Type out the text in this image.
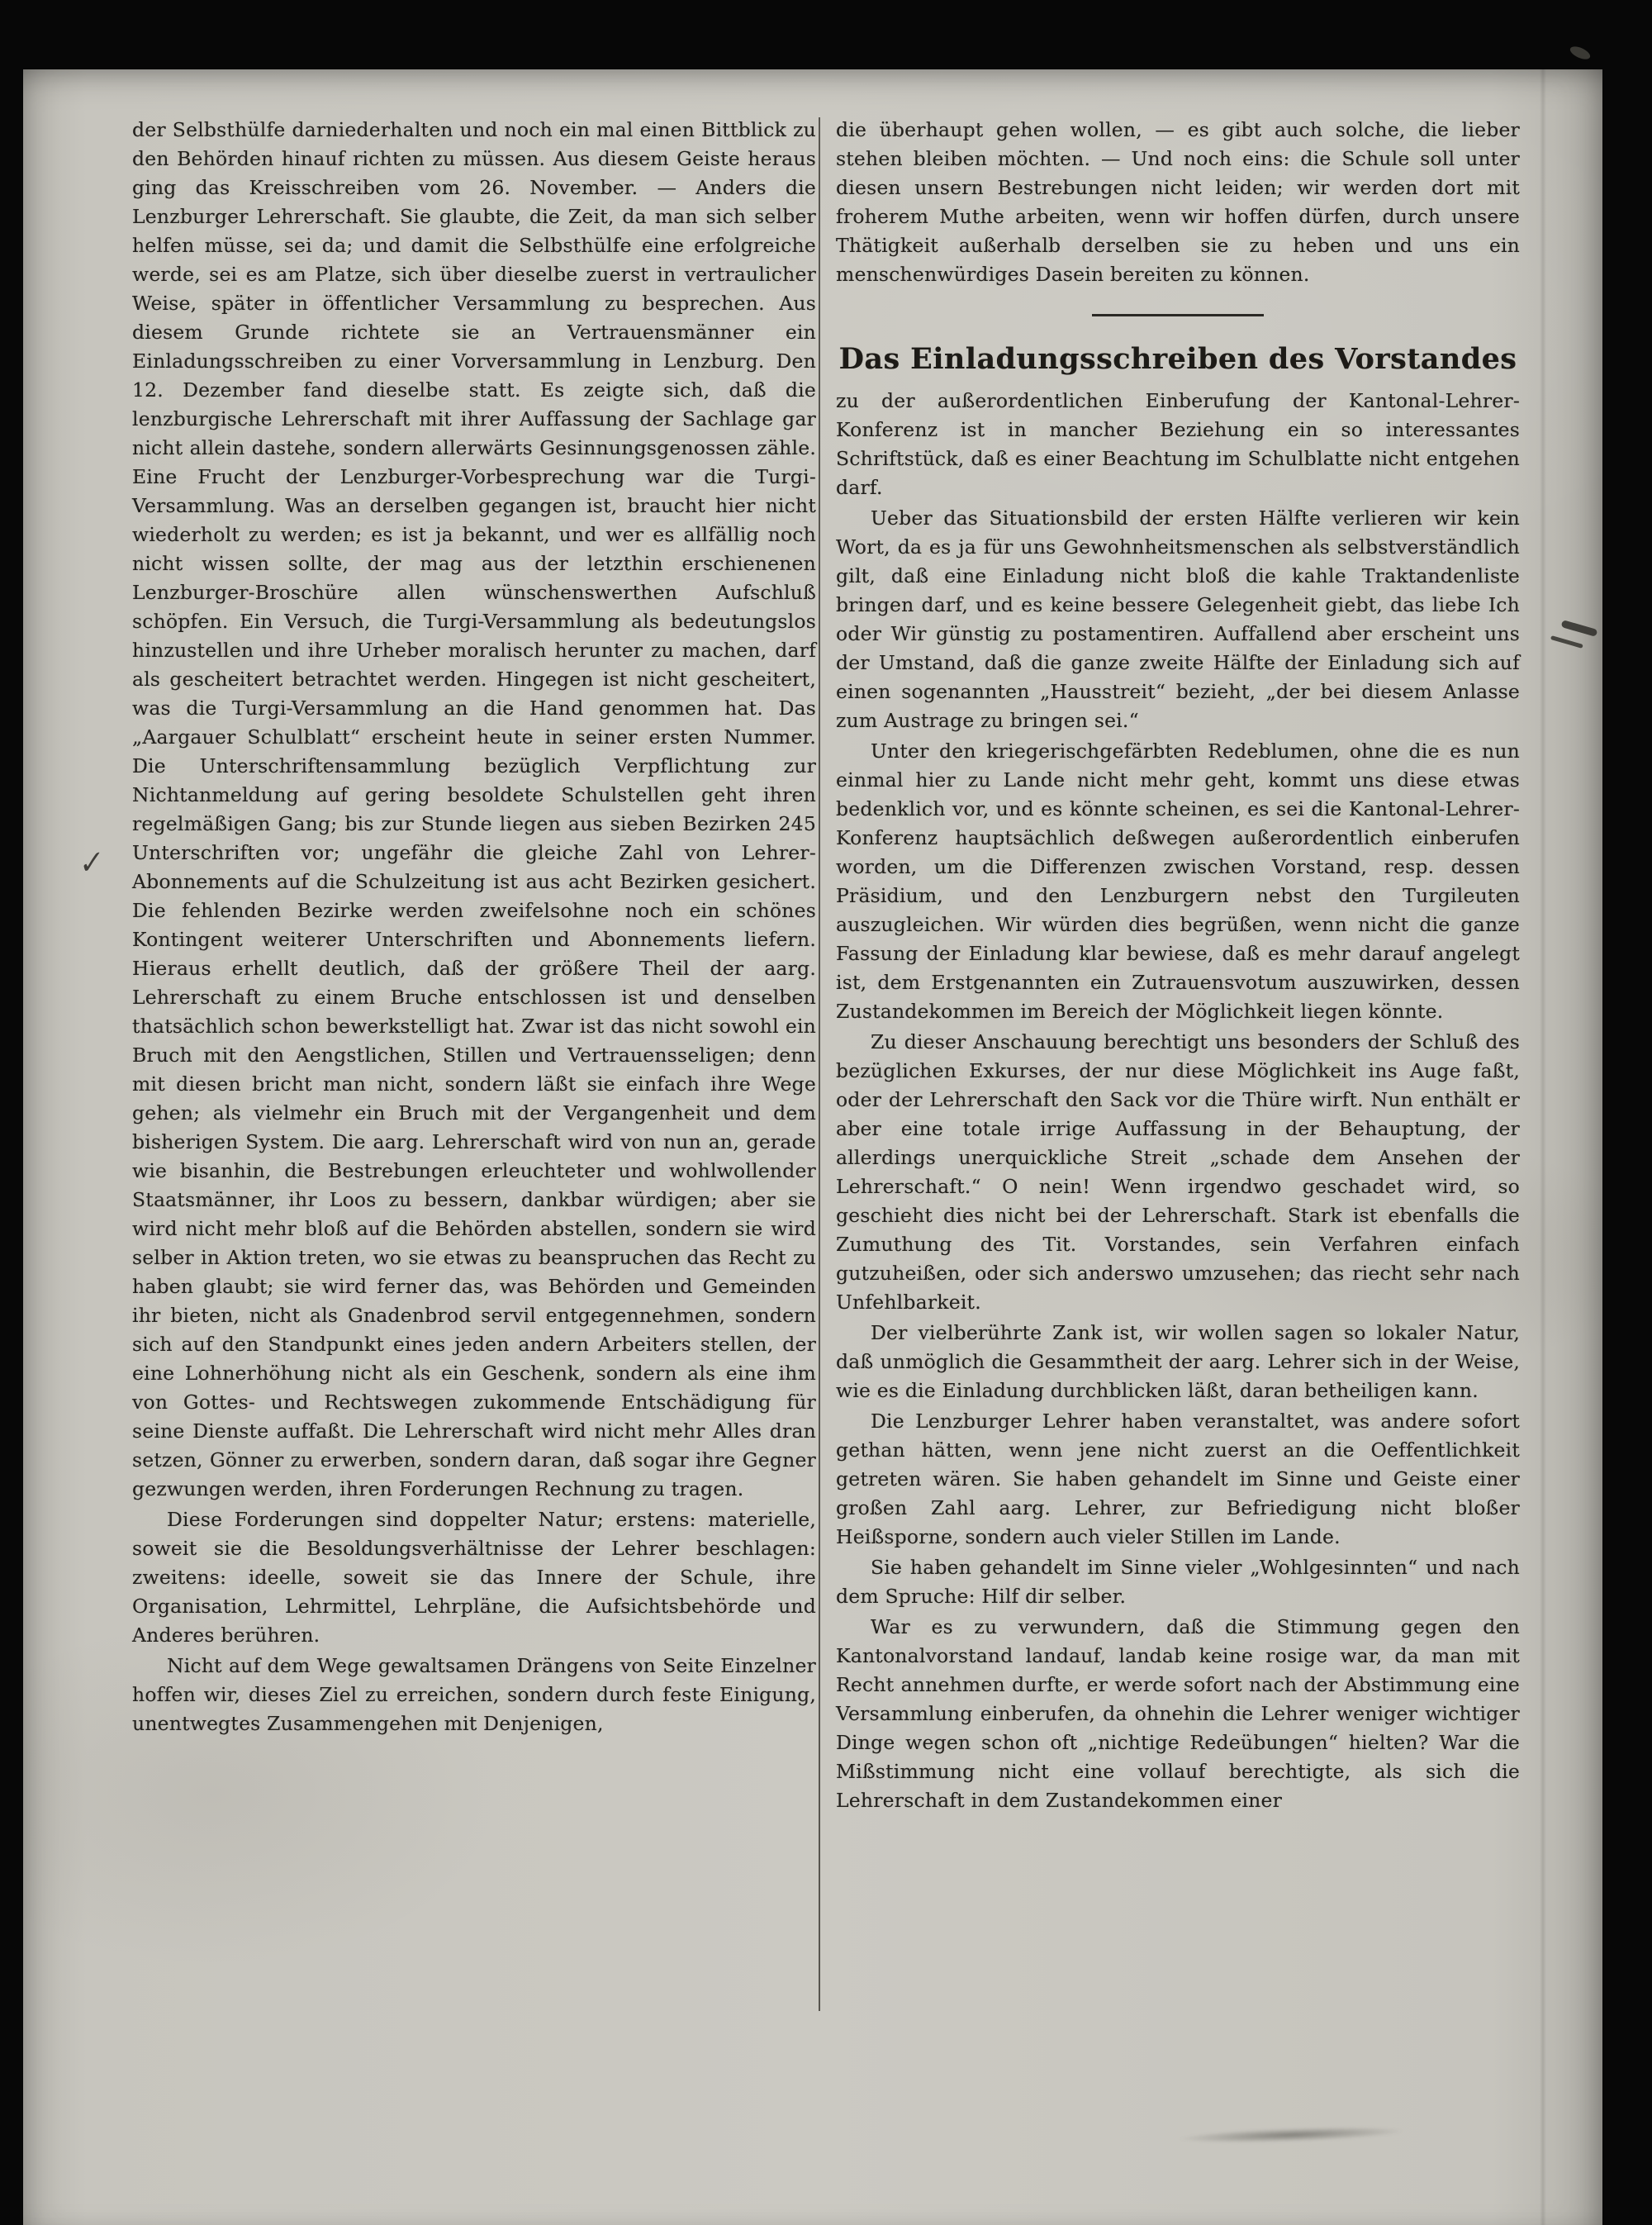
der Selbsthülfe darniederhalten und noch ein mal einen Bittblick zu den Behörden hinauf richten zu müssen. Aus diesem Geiste heraus ging das Kreisschreiben vom 26. November. — Anders die Lenzburger Lehrerschaft. Sie glaubte, die Zeit, da man sich selber helfen müsse, sei da; und damit die Selbsthülfe eine erfolgreiche werde, sei es am Platze, sich über dieselbe zuerst in vertraulicher Weise, später in öffentlicher Versammlung zu besprechen. Aus diesem Grunde richtete sie an Vertrauensmänner ein Einladungsschreiben zu einer Vorversammlung in Lenzburg. Den 12. Dezember fand dieselbe statt. Es zeigte sich, daß die lenzburgische Lehrerschaft mit ihrer Auffassung der Sachlage gar nicht allein dastehe, sondern allerwärts Gesinnungsgenossen zähle. Eine Frucht der Lenzburger-Vorbesprechung war die Turgi-Versammlung. Was an derselben gegangen ist, braucht hier nicht wiederholt zu werden; es ist ja bekannt, und wer es allfällig noch nicht wissen sollte, der mag aus der letzthin erschienenen Lenzburger-Broschüre allen wünschenswerthen Aufschluß schöpfen. Ein Versuch, die Turgi-Versammlung als bedeutungslos hinzustellen und ihre Urheber moralisch herunter zu machen, darf als gescheitert betrachtet werden. Hingegen ist nicht gescheitert, was die Turgi-Versammlung an die Hand genommen hat. Das „Aargauer Schulblatt“ erscheint heute in seiner ersten Nummer. Die Unterschriftensammlung bezüglich Verpflichtung zur Nichtanmeldung auf gering besoldete Schulstellen geht ihren regelmäßigen Gang; bis zur Stunde liegen aus sieben Bezirken 245 Unterschriften vor; ungefähr die gleiche Zahl von Lehrer-Abonnements auf die Schulzeitung ist aus acht Bezirken gesichert. Die fehlenden Bezirke werden zweifelsohne noch ein schönes Kontingent weiterer Unterschriften und Abonnements liefern. Hieraus erhellt deutlich, daß der größere Theil der aarg. Lehrerschaft zu einem Bruche entschlossen ist und denselben thatsächlich schon bewerkstelligt hat. Zwar ist das nicht sowohl ein Bruch mit den Aengstlichen, Stillen und Vertrauensseligen; denn mit diesen bricht man nicht, sondern läßt sie einfach ihre Wege gehen; als vielmehr ein Bruch mit der Vergangenheit und dem bisherigen System. Die aarg. Lehrerschaft wird von nun an, gerade wie bisanhin, die Bestrebungen erleuchteter und wohlwollender Staatsmänner, ihr Loos zu bessern, dankbar würdigen; aber sie wird nicht mehr bloß auf die Behörden abstellen, sondern sie wird selber in Aktion treten, wo sie etwas zu beanspruchen das Recht zu haben glaubt; sie wird ferner das, was Behörden und Gemeinden ihr bieten, nicht als Gnadenbrod servil entgegennehmen, sondern sich auf den Standpunkt eines jeden andern Arbeiters stellen, der eine Lohnerhöhung nicht als ein Geschenk, sondern als eine ihm von Gottes- und Rechtswegen zukommende Entschädigung für seine Dienste auffaßt. Die Lehrerschaft wird nicht mehr Alles dran setzen, Gönner zu erwerben, sondern daran, daß sogar ihre Gegner gezwungen werden, ihren Forderungen Rechnung zu tragen.

Diese Forderungen sind doppelter Natur; erstens: materielle, soweit sie die Besoldungsverhältnisse der Lehrer beschlagen: zweitens: ideelle, soweit sie das Innere der Schule, ihre Organisation, Lehrmittel, Lehrpläne, die Aufsichtsbehörde und Anderes berühren.

Nicht auf dem Wege gewaltsamen Drängens von Seite Einzelner hoffen wir, dieses Ziel zu erreichen, sondern durch feste Einigung, unentwegtes Zusammengehen mit Denjenigen,

die überhaupt gehen wollen, — es gibt auch solche, die lieber stehen bleiben möchten. — Und noch eins: die Schule soll unter diesen unsern Bestrebungen nicht leiden; wir werden dort mit froherem Muthe arbeiten, wenn wir hoffen dürfen, durch unsere Thätigkeit außerhalb derselben sie zu heben und uns ein menschenwürdiges Dasein bereiten zu können.

Das Einladungsschreiben des Vorstandes

zu der außerordentlichen Einberufung der Kantonal-Lehrer-Konferenz ist in mancher Beziehung ein so interessantes Schriftstück, daß es einer Beachtung im Schulblatte nicht entgehen darf.

Ueber das Situationsbild der ersten Hälfte verlieren wir kein Wort, da es ja für uns Gewohnheitsmenschen als selbstverständlich gilt, daß eine Einladung nicht bloß die kahle Traktandenliste bringen darf, und es keine bessere Gelegenheit giebt, das liebe Ich oder Wir günstig zu postamentiren. Auffallend aber erscheint uns der Umstand, daß die ganze zweite Hälfte der Einladung sich auf einen sogenannten „Hausstreit“ bezieht, „der bei diesem Anlasse zum Austrage zu bringen sei.“

Unter den kriegerischgefärbten Redeblumen, ohne die es nun einmal hier zu Lande nicht mehr geht, kommt uns diese etwas bedenklich vor, und es könnte scheinen, es sei die Kantonal-Lehrer-Konferenz hauptsächlich deßwegen außerordentlich einberufen worden, um die Differenzen zwischen Vorstand, resp. dessen Präsidium, und den Lenzburgern nebst den Turgileuten auszugleichen. Wir würden dies begrüßen, wenn nicht die ganze Fassung der Einladung klar bewiese, daß es mehr darauf angelegt ist, dem Erstgenannten ein Zutrauensvotum auszuwirken, dessen Zustandekommen im Bereich der Möglichkeit liegen könnte.

Zu dieser Anschauung berechtigt uns besonders der Schluß des bezüglichen Exkurses, der nur diese Möglichkeit ins Auge faßt, oder der Lehrerschaft den Sack vor die Thüre wirft. Nun enthält er aber eine totale irrige Auffassung in der Behauptung, der allerdings unerquickliche Streit „schade dem Ansehen der Lehrerschaft.“ O nein! Wenn irgendwo geschadet wird, so geschieht dies nicht bei der Lehrerschaft. Stark ist ebenfalls die Zumuthung des Tit. Vorstandes, sein Verfahren einfach gutzuheißen, oder sich anderswo umzusehen; das riecht sehr nach Unfehlbarkeit.

Der vielberührte Zank ist, wir wollen sagen so lokaler Natur, daß unmöglich die Gesammtheit der aarg. Lehrer sich in der Weise, wie es die Einladung durchblicken läßt, daran betheiligen kann.

Die Lenzburger Lehrer haben veranstaltet, was andere sofort gethan hätten, wenn jene nicht zuerst an die Oeffentlichkeit getreten wären. Sie haben gehandelt im Sinne und Geiste einer großen Zahl aarg. Lehrer, zur Befriedigung nicht bloßer Heißsporne, sondern auch vieler Stillen im Lande.

Sie haben gehandelt im Sinne vieler „Wohlgesinnten“ und nach dem Spruche: Hilf dir selber.

War es zu verwundern, daß die Stimmung gegen den Kantonalvorstand landauf, landab keine rosige war, da man mit Recht annehmen durfte, er werde sofort nach der Abstimmung eine Versammlung einberufen, da ohnehin die Lehrer weniger wichtiger Dinge wegen schon oft „nichtige Redeübungen“ hielten? War die Mißstimmung nicht eine vollauf berechtigte, als sich die Lehrerschaft in dem Zustandekommen einer

✓
